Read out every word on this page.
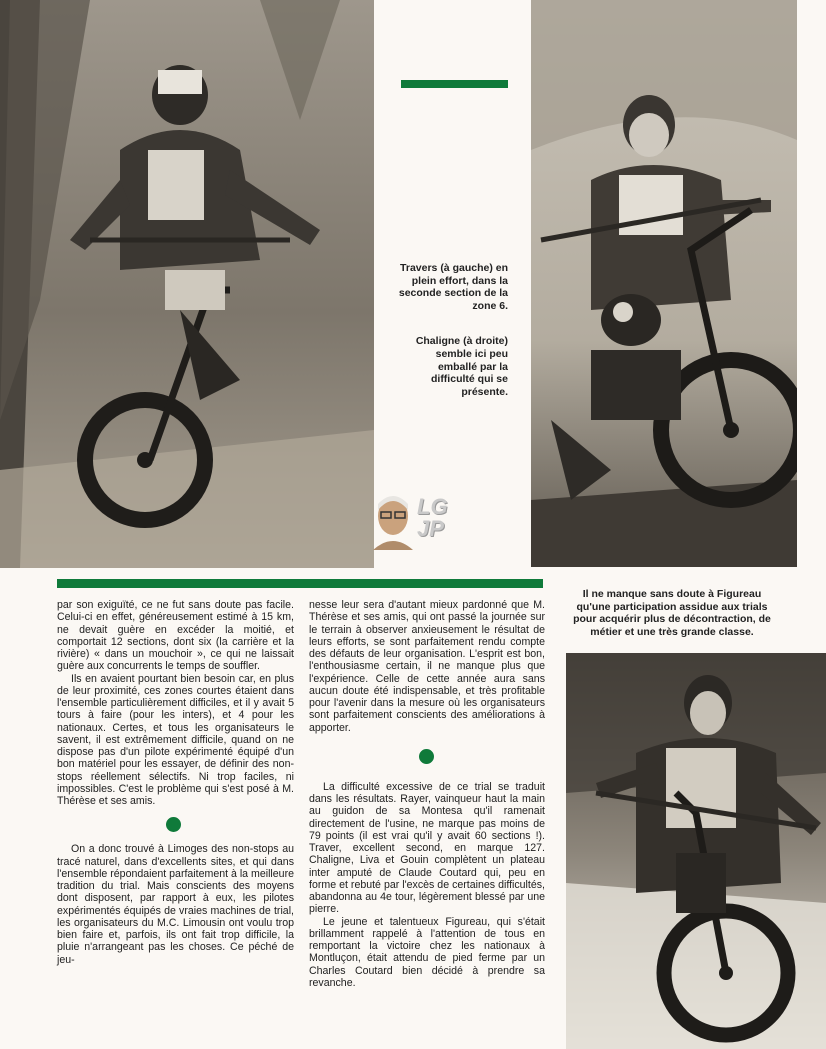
Travers (à gauche) en plein effort, dans la seconde section de la zone 6.

Chaligne (à droite) semble ici peu emballé par la difficulté qui se présente.

Il ne manque sans doute à Figureau qu'une participation assidue aux trials pour acquérir plus de décontraction, de métier et une très grande classe.

LG
JP

par son exiguïté, ce ne fut sans doute pas facile. Celui-ci en effet, généreusement estimé à 15 km, ne devait guère en excéder la moitié, et comportait 12 sections, dont six (la carrière et la rivière) « dans un mouchoir », ce qui ne laissait guère aux concurrents le temps de souffler.

Ils en avaient pourtant bien besoin car, en plus de leur proximité, ces zones courtes étaient dans l'ensemble particulièrement difficiles, et il y avait 5 tours à faire (pour les inters), et 4 pour les nationaux. Certes, et tous les organisateurs le savent, il est extrêmement difficile, quand on ne dispose pas d'un pilote expérimenté équipé d'un bon matériel pour les essayer, de définir des non-stops réellement sélectifs. Ni trop faciles, ni impossibles. C'est le problème qui s'est posé à M. Thérèse et ses amis.

On a donc trouvé à Limoges des non-stops au tracé naturel, dans d'excellents sites, et qui dans l'ensemble répondaient parfaitement à la meilleure tradition du trial. Mais conscients des moyens dont disposent, par rapport à eux, les pilotes expérimentés équipés de vraies machines de trial, les organisateurs du M.C. Limousin ont voulu trop bien faire et, parfois, ils ont fait trop difficile, la pluie n'arrangeant pas les choses. Ce péché de jeu-

nesse leur sera d'autant mieux pardonné que M. Thérèse et ses amis, qui ont passé la journée sur le terrain à observer anxieusement le résultat de leurs efforts, se sont parfaitement rendu compte des défauts de leur organisation. L'esprit est bon, l'enthousiasme certain, il ne manque plus que l'expérience. Celle de cette année aura sans aucun doute été indispensable, et très profitable pour l'avenir dans la mesure où les organisateurs sont parfaitement conscients des améliorations à apporter.

La difficulté excessive de ce trial se traduit dans les résultats. Rayer, vainqueur haut la main au guidon de sa Montesa qu'il ramenait directement de l'usine, ne marque pas moins de 79 points (il est vrai qu'il y avait 60 sections !). Traver, excellent second, en marque 127. Chaligne, Liva et Gouin complètent un plateau inter amputé de Claude Coutard qui, peu en forme et rebuté par l'excès de certaines difficultés, abandonna au 4e tour, légèrement blessé par une pierre.

Le jeune et talentueux Figureau, qui s'était brillamment rappelé à l'attention de tous en remportant la victoire chez les nationaux à Montluçon, était attendu de pied ferme par un Charles Coutard bien décidé à prendre sa revanche.
